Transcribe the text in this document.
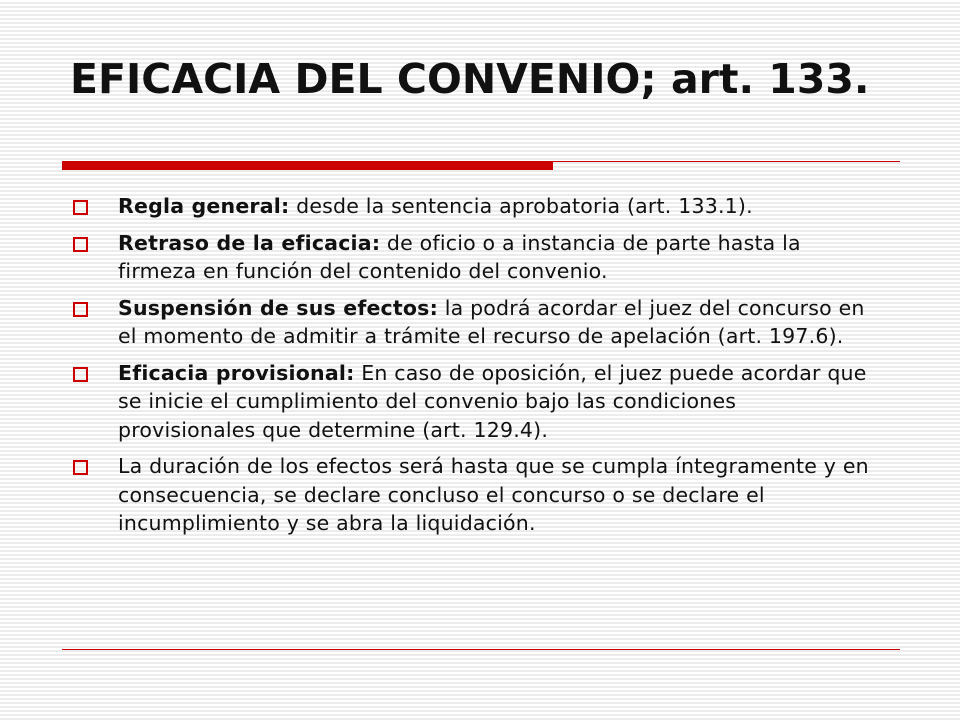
EFICACIA DEL CONVENIO; art. 133.
Regla general: desde la sentencia aprobatoria (art. 133.1).
Retraso de la eficacia: de oficio o a instancia de parte hasta la firmeza en función del contenido del convenio.
Suspensión de sus efectos: la podrá acordar el juez del concurso en el momento de admitir a trámite el recurso de apelación (art. 197.6).
Eficacia provisional: En caso de oposición, el juez puede acordar que se inicie el cumplimiento del convenio bajo las condiciones provisionales que determine (art. 129.4).
La duración de los efectos será hasta que se cumpla íntegramente y en consecuencia, se declare concluso el concurso o se declare el incumplimiento y se abra la liquidación.
